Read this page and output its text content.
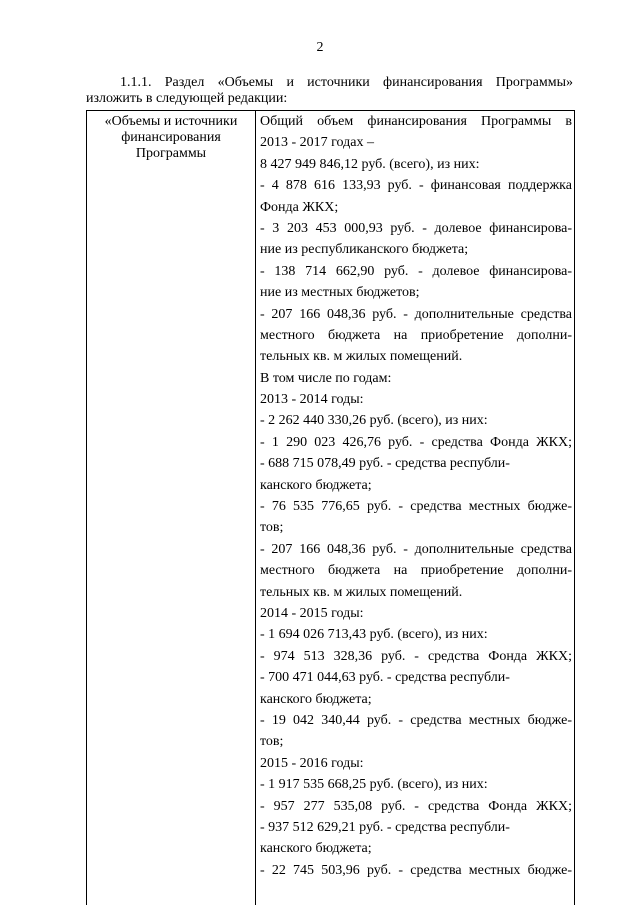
2
1.1.1. Раздел «Объемы и источники финансирования Программы»
изложить в следующей редакции:
«Объемы и источники
финансирования
Программы
Общий объем финансирования Программы в
2013 - 2017 годах –
8 427 949 846,12 руб. (всего), из них:
- 4 878 616 133,93 руб. - финансовая поддержка
Фонда ЖКХ;
- 3 203 453 000,93 руб. - долевое финансирова-
ние из республиканского бюджета;
- 138 714 662,90 руб. - долевое финансирова-
ние из местных бюджетов;
- 207 166 048,36 руб. - дополнительные средства
местного бюджета на приобретение дополни-
тельных кв. м жилых помещений.
В том числе по годам:
2013 - 2014 годы:
- 2 262 440 330,26 руб. (всего), из них:
- 1 290 023 426,76 руб. - средства Фонда ЖКХ;
- 688 715 078,49 руб. - средства республи-
канского бюджета;
- 76 535 776,65 руб. - средства местных бюдже-
тов;
- 207 166 048,36 руб. - дополнительные средства
местного бюджета на приобретение дополни-
тельных кв. м жилых помещений.
2014 - 2015 годы:
- 1 694 026 713,43 руб. (всего), из них:
- 974 513 328,36 руб. - средства Фонда ЖКХ;
- 700 471 044,63 руб. - средства республи-
канского бюджета;
- 19 042 340,44 руб. - средства местных бюдже-
тов;
2015 - 2016 годы:
- 1 917 535 668,25 руб. (всего), из них:
- 957 277 535,08 руб. - средства Фонда ЖКХ;
- 937 512 629,21 руб. - средства республи-
канского бюджета;
- 22 745 503,96 руб. - средства местных бюдже-
